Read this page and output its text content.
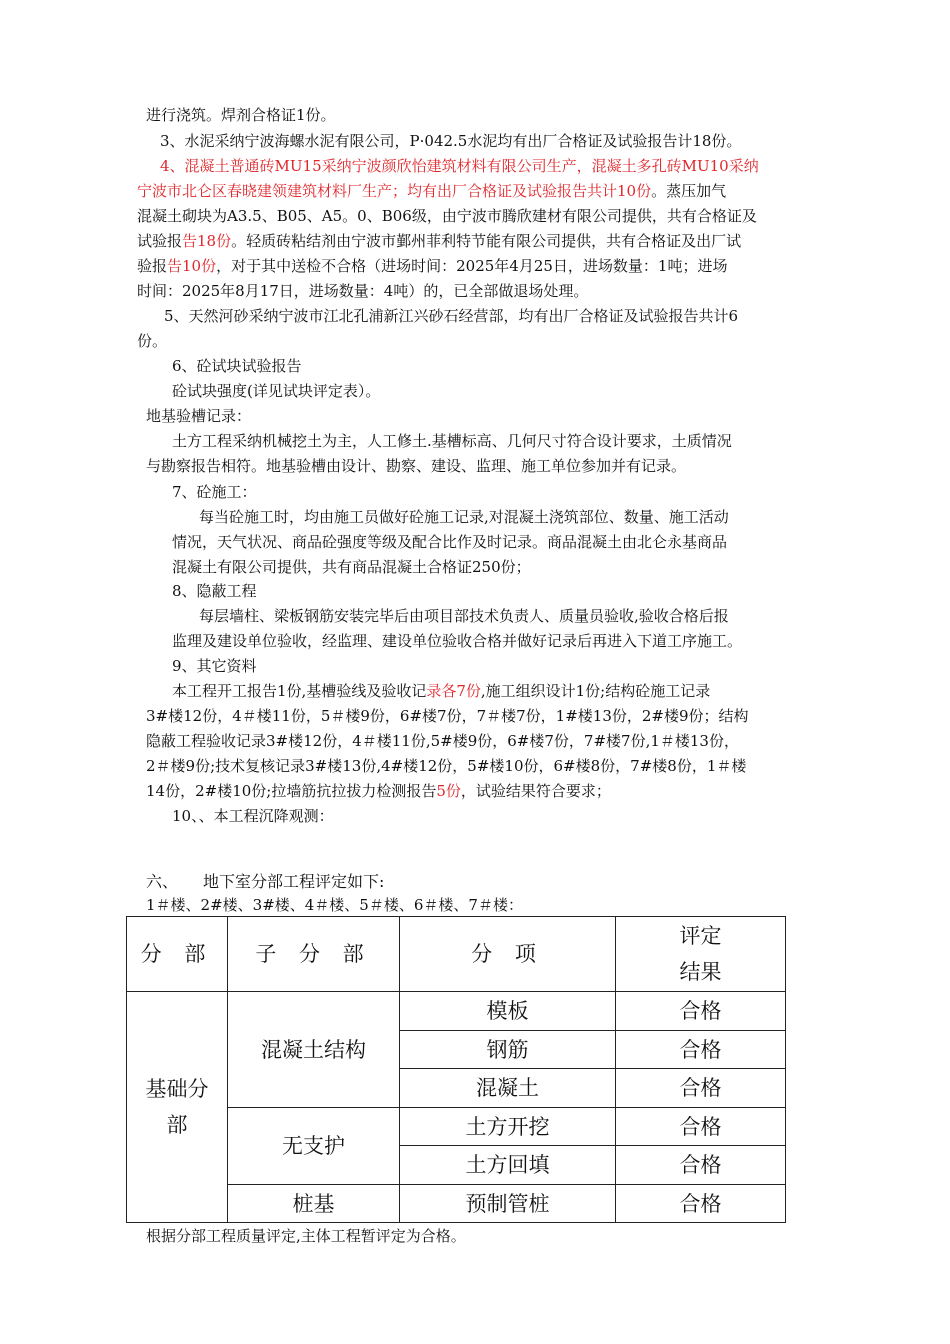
进行浇筑。焊剂合格证1份。
3、水泥采纳宁波海螺水泥有限公司，P·042.5水泥均有出厂合格证及试验报告计18份。
4、混凝土普通砖MU15采纳宁波颜欣怡建筑材料有限公司生产，混凝土多孔砖MU10采纳
宁波市北仑区春晓建领建筑材料厂生产；均有出厂合格证及试验报告共计10份。蒸压加气
混凝土砌块为A3.5、B05、A5。0、B06级，由宁波市腾欣建材有限公司提供，共有合格证及
试验报告18份。轻质砖粘结剂由宁波市鄞州菲利特节能有限公司提供，共有合格证及出厂试
验报告10份，对于其中送检不合格（进场时间：2025年4月25日，进场数量：1吨；进场
时间：2025年8月17日，进场数量：4吨）的，已全部做退场处理。
5、天然河砂采纳宁波市江北孔浦新江兴砂石经营部，均有出厂合格证及试验报告共计6
份。
6、砼试块试验报告
砼试块强度(详见试块评定表）。
地基验槽记录：
土方工程采纳机械挖土为主，人工修土.基槽标高、几何尺寸符合设计要求，土质情况
与勘察报告相符。地基验槽由设计、勘察、建设、监理、施工单位参加并有记录。
7、砼施工：
每当砼施工时，均由施工员做好砼施工记录,对混凝土浇筑部位、数量、施工活动
情况，天气状况、商品砼强度等级及配合比作及时记录。商品混凝土由北仑永基商品
混凝土有限公司提供，共有商品混凝土合格证250份；
8、隐蔽工程
每层墙柱、梁板钢筋安装完毕后由项目部技术负责人、质量员验收,验收合格后报
监理及建设单位验收，经监理、建设单位验收合格并做好记录后再进入下道工序施工。
9、其它资料
本工程开工报告1份,基槽验线及验收记录各7份,施工组织设计1份;结构砼施工记录
3#楼12份，4＃楼11份，5＃楼9份，6#楼7份，7＃楼7份，1#楼13份，2#楼9份；结构
隐蔽工程验收记录3#楼12份，4＃楼11份,5#楼9份，6#楼7份，7#楼7份,1＃楼13份，
2＃楼9份;技术复核记录3#楼13份,4#楼12份，5#楼10份，6#楼8份，7#楼8份，1＃楼
14份，2#楼10份;拉墙筋抗拉拔力检测报告5份，试验结果符合要求；
10、、本工程沉降观测：
六、 地下室分部工程评定如下:
1＃楼、2#楼、3#楼、4＃楼、5＃楼、6＃楼、7＃楼：
分 部	子 分 部	分 项	评定
结果
基础分
部	混凝土结构	模板	合格
		钢筋	合格
		混凝土	合格
	无支护	土方开挖	合格
		土方回填	合格
	桩基	预制管桩	合格
根据分部工程质量评定,主体工程暂评定为合格。
